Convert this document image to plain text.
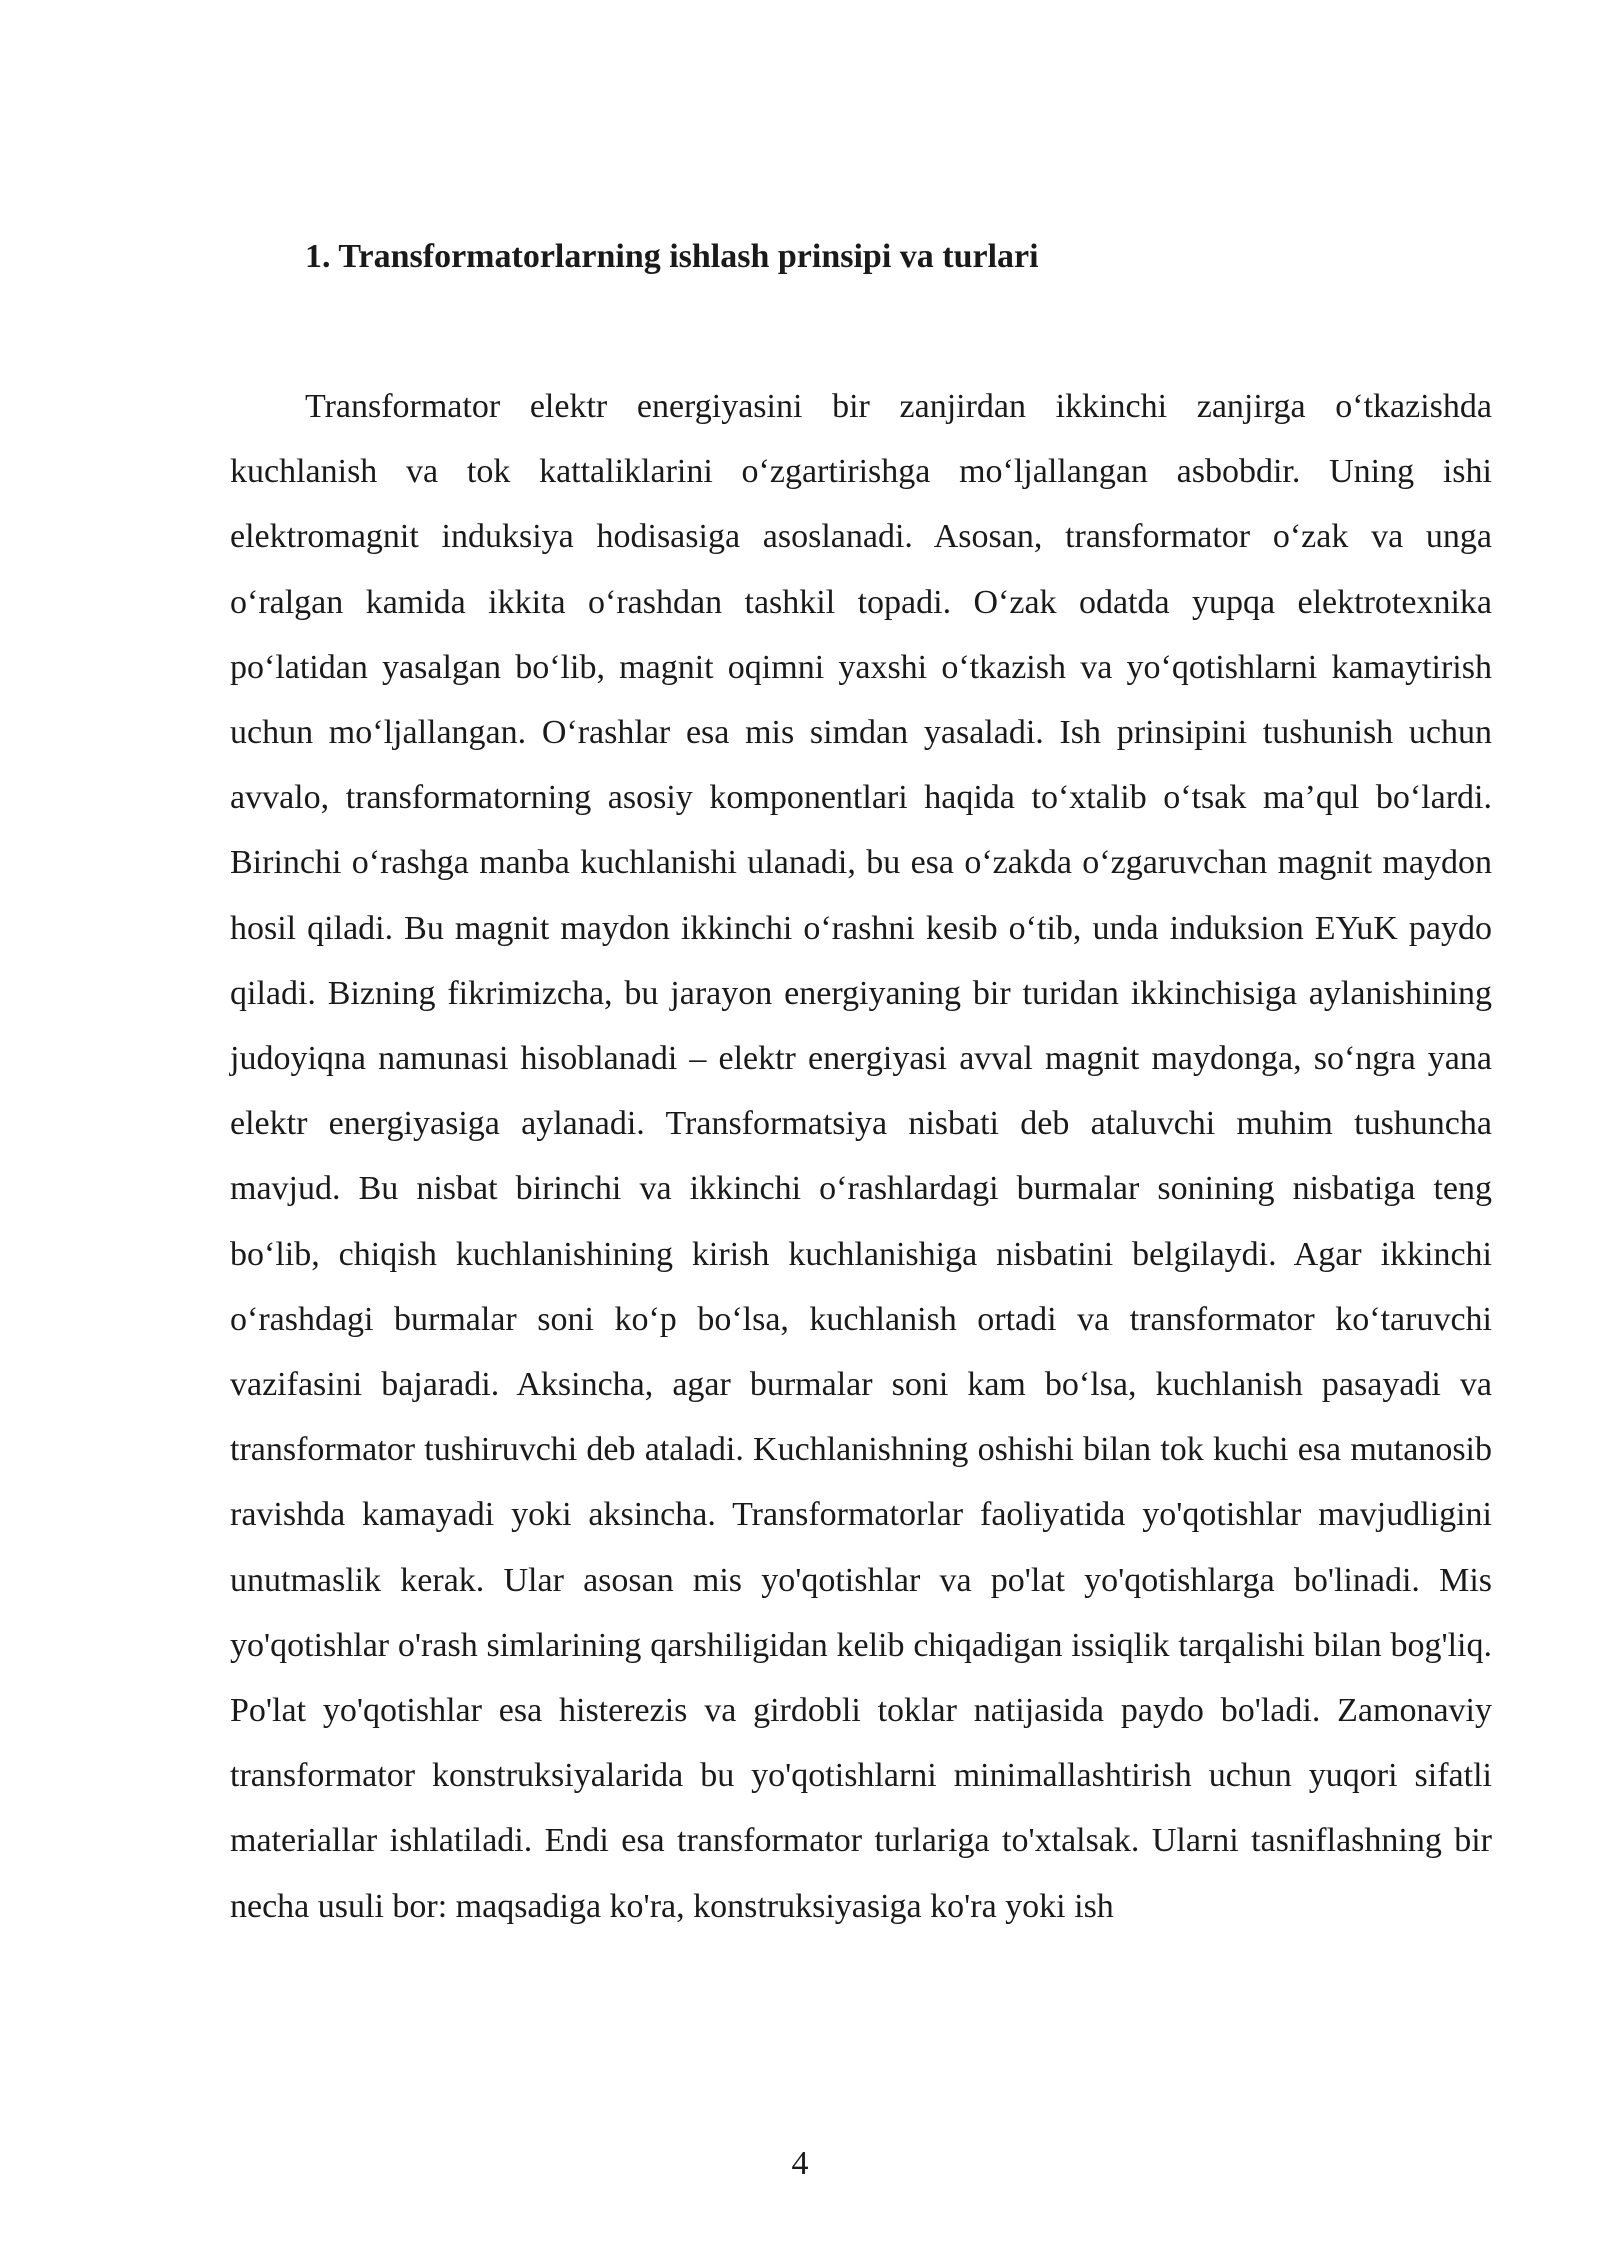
1. Transformatorlarning ishlash prinsipi va turlari

Transformator elektr energiyasini bir zanjirdan ikkinchi zanjirga o‘tkazishda kuchlanish va tok kattaliklarini o‘zgartirishga mo‘ljallangan asbobdir. Uning ishi elektromagnit induksiya hodisasiga asoslanadi. Asosan, transformator o‘zak va unga o‘ralgan kamida ikkita o‘rashdan tashkil topadi. O‘zak odatda yupqa elektrotexnika po‘latidan yasalgan bo‘lib, magnit oqimni yaxshi o‘tkazish va yo‘qotishlarni kamaytirish uchun mo‘ljallangan. O‘rashlar esa mis simdan yasaladi. Ish prinsipini tushunish uchun avvalo, transformatorning asosiy komponentlari haqida to‘xtalib o‘tsak ma’qul bo‘lardi. Birinchi o‘rashga manba kuchlanishi ulanadi, bu esa o‘zakda o‘zgaruvchan magnit maydon hosil qiladi. Bu magnit maydon ikkinchi o‘rashni kesib o‘tib, unda induksion EYuK paydo qiladi. Bizning fikrimizcha, bu jarayon energiyaning bir turidan ikkinchisiga aylanishining judoyiqna namunasi hisoblanadi – elektr energiyasi avval magnit maydonga, so‘ngra yana elektr energiyasiga aylanadi. Transformatsiya nisbati deb ataluvchi muhim tushuncha mavjud. Bu nisbat birinchi va ikkinchi o‘rashlardagi burmalar sonining nisbatiga teng bo‘lib, chiqish kuchlanishining kirish kuchlanishiga nisbatini belgilaydi. Agar ikkinchi o‘rashdagi burmalar soni ko‘p bo‘lsa, kuchlanish ortadi va transformator ko‘taruvchi vazifasini bajaradi. Aksincha, agar burmalar soni kam bo‘lsa, kuchlanish pasayadi va transformator tushiruvchi deb ataladi. Kuchlanishning oshishi bilan tok kuchi esa mutanosib ravishda kamayadi yoki aksincha. Transformatorlar faoliyatida yo'qotishlar mavjudligini unutmaslik kerak. Ular asosan mis yo'qotishlar va po'lat yo'qotishlarga bo'linadi. Mis yo'qotishlar o'rash simlarining qarshiligidan kelib chiqadigan issiqlik tarqalishi bilan bog'liq. Po'lat yo'qotishlar esa histerezis va girdobli toklar natijasida paydo bo'ladi. Zamonaviy transformator konstruksiyalarida bu yo'qotishlarni minimallashtirish uchun yuqori sifatli materiallar ishlatiladi. Endi esa transformator turlariga to'xtalsak. Ularni tasniflashning bir necha usuli bor: maqsadiga ko'ra, konstruksiyasiga ko'ra yoki ish

4
